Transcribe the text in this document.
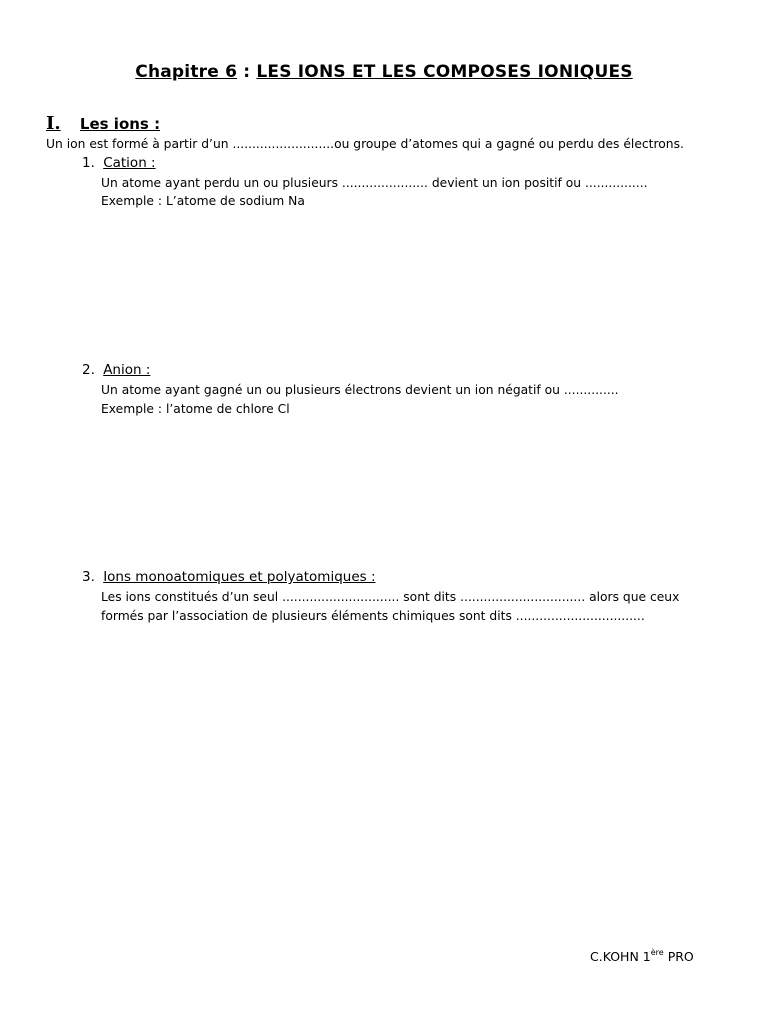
Chapitre 6 : LES IONS ET LES COMPOSES IONIQUES
I. Les ions :
Un ion est formé à partir d’un ..........................ou groupe d’atomes qui a gagné ou perdu des électrons.
1. Cation :
Un atome ayant perdu un ou plusieurs ...................... devient un ion positif ou ................
Exemple : L’atome de sodium Na
2. Anion :
Un atome ayant gagné un ou plusieurs électrons devient un ion négatif ou ..............
Exemple : l’atome de chlore Cl
3. Ions monoatomiques et polyatomiques :
Les ions constitués d’un seul .............................. sont dits ................................ alors que ceux
formés par l’association de plusieurs éléments chimiques sont dits .................................
C.KOHN 1ère PRO
